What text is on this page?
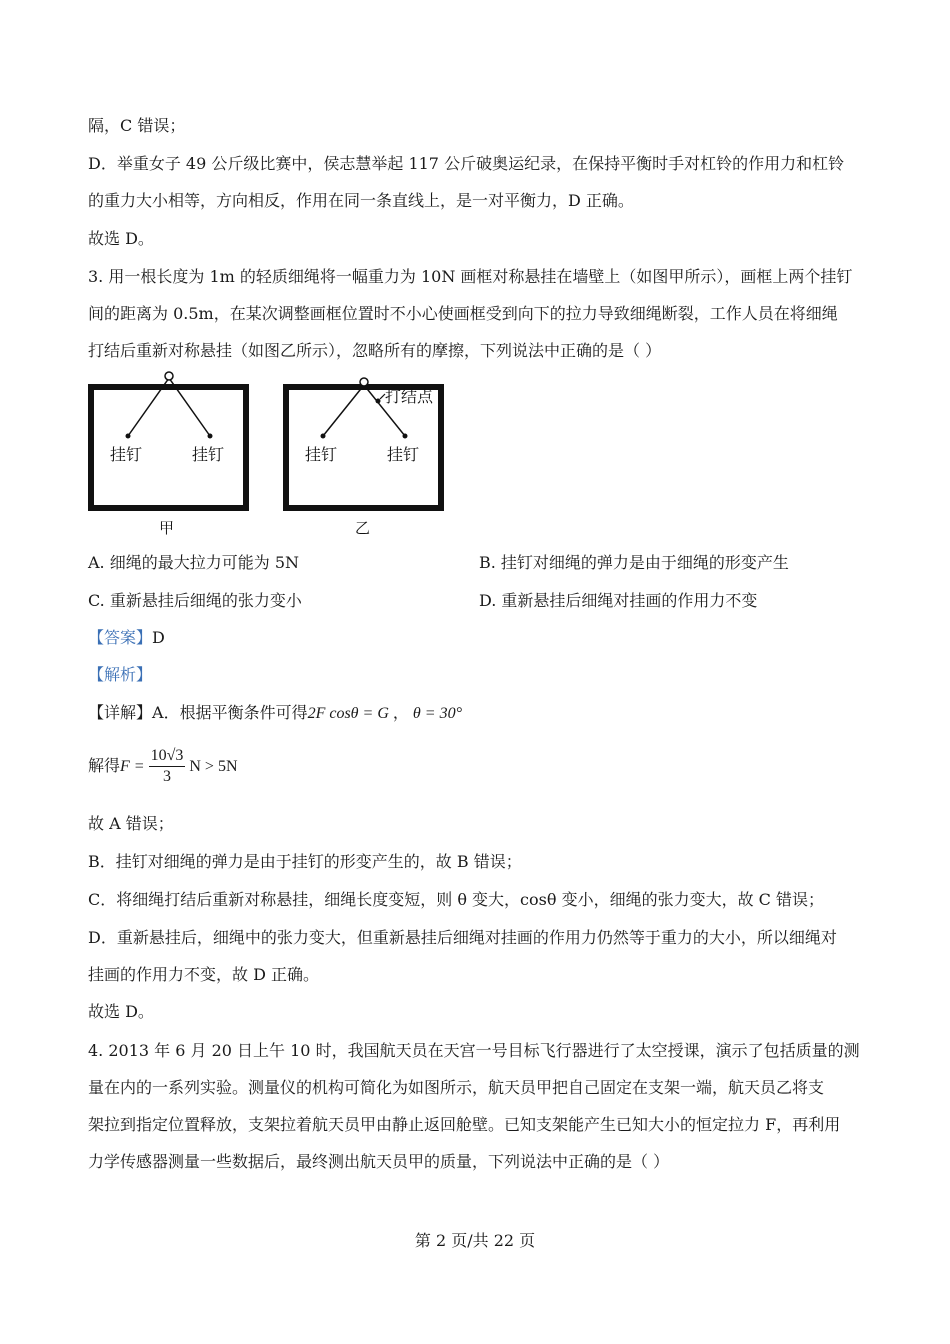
隔，C 错误；
D．举重女子 49 公斤级比赛中，侯志慧举起 117 公斤破奥运纪录，在保持平衡时手对杠铃的作用力和杠铃
的重力大小相等，方向相反，作用在同一条直线上，是一对平衡力，D 正确。
故选 D。
3. 用一根长度为 1m 的轻质细绳将一幅重力为 10N 画框对称悬挂在墙壁上（如图甲所示），画框上两个挂钉
间的距离为 0.5m，在某次调整画框位置时不小心使画框受到向下的拉力导致细绳断裂，工作人员在将细绳
打结后重新对称悬挂（如图乙所示），忽略所有的摩擦，下列说法中正确的是（ ）
挂钉	挂钉
甲
打结点
挂钉	挂钉
乙
A. 细绳的最大拉力可能为 5N	B. 挂钉对细绳的弹力是由于细绳的形变产生
C. 重新悬挂后细绳的张力变小	D. 重新悬挂后细绳对挂画的作用力不变
【答案】D
【解析】
【详解】A．根据平衡条件可得2F cosθ = G ， θ = 30°
解得$F = \frac{10√3}{3}$ N > 5N
故 A 错误；
B．挂钉对细绳的弹力是由于挂钉的形变产生的，故 B 错误；
C．将细绳打结后重新对称悬挂，细绳长度变短，则 θ 变大，cosθ 变小，细绳的张力变大，故 C 错误；
D．重新悬挂后，细绳中的张力变大，但重新悬挂后细绳对挂画的作用力仍然等于重力的大小，所以细绳对
挂画的作用力不变，故 D 正确。
故选 D。
4. 2013 年 6 月 20 日上午 10 时，我国航天员在天宫一号目标飞行器进行了太空授课，演示了包括质量的测
量在内的一系列实验。测量仪的机构可简化为如图所示，航天员甲把自己固定在支架一端，航天员乙将支
架拉到指定位置释放，支架拉着航天员甲由静止返回舱壁。已知支架能产生已知大小的恒定拉力 F，再利用
力学传感器测量一些数据后，最终测出航天员甲的质量，下列说法中正确的是（ ）
第 2 页/共 22 页
